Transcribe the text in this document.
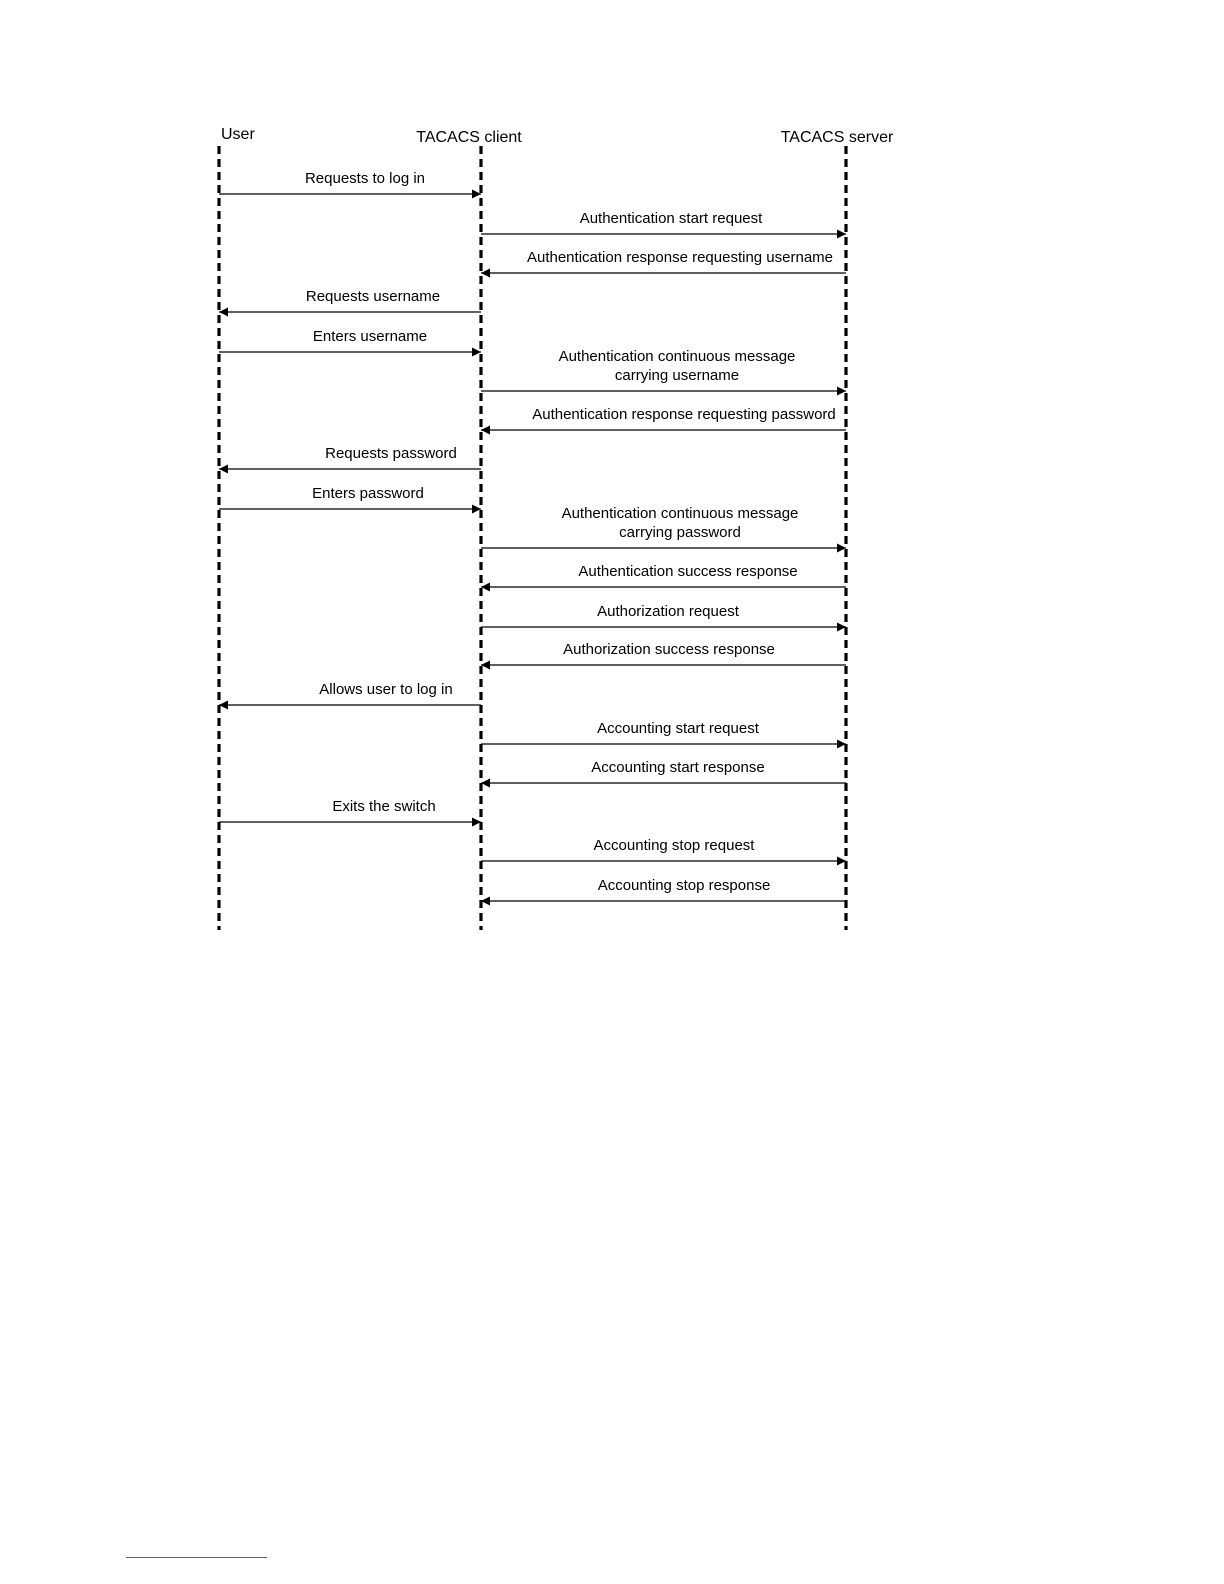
User	TACACS client	TACACS server
Requests to log in
Authentication start request
Authentication response requesting username
Requests username
Enters username
Authentication continuous message
carrying username
Authentication response requesting password
Requests password
Enters password
Authentication continuous message
carrying password
Authentication success response
Authorization request
Authorization success response
Allows user to log in
Accounting start request
Accounting start response
Exits the switch
Accounting stop request
Accounting stop response
